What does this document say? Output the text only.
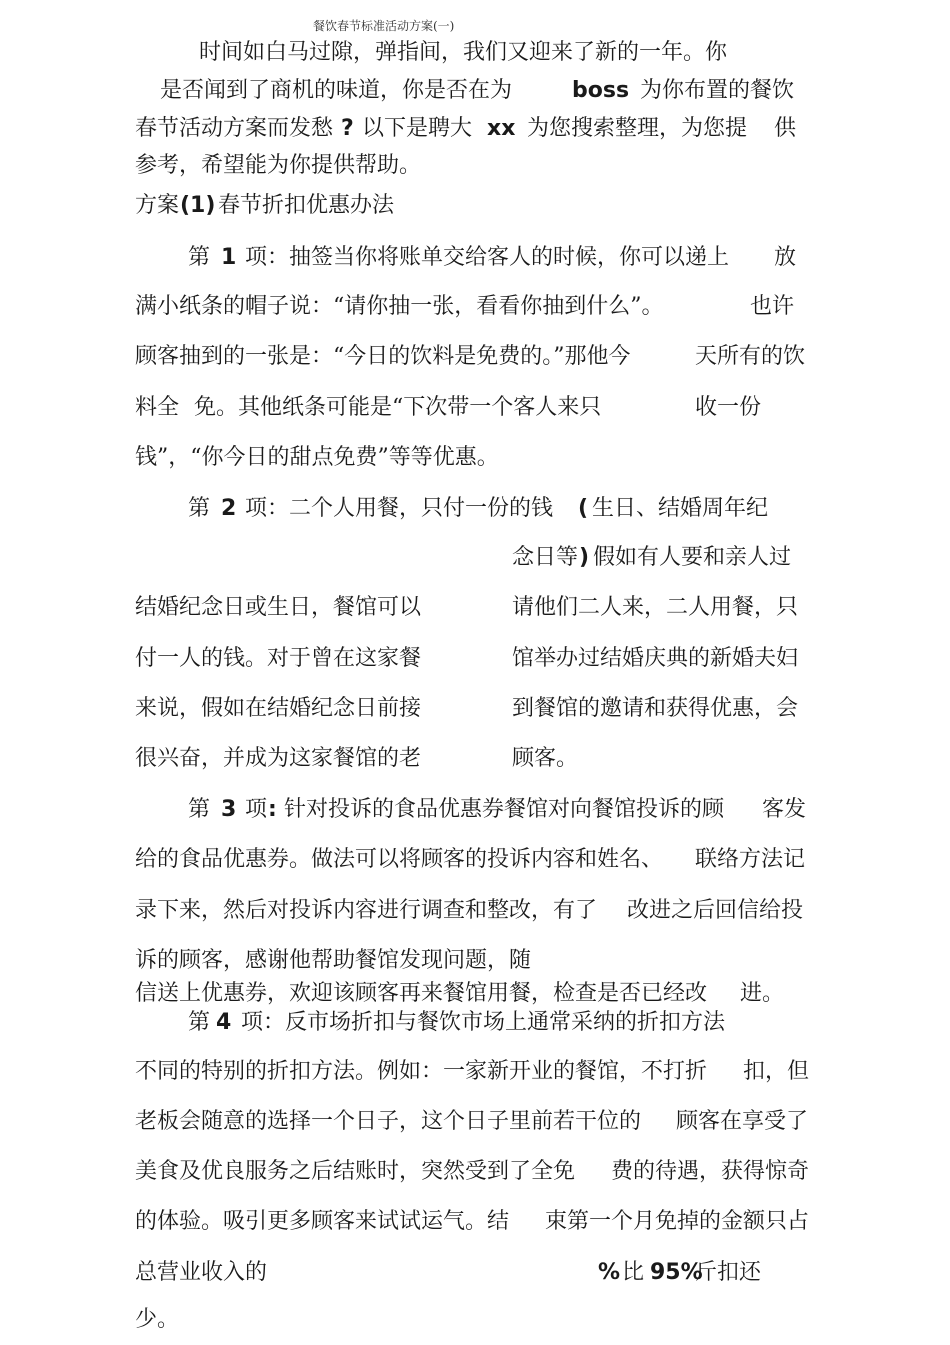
餐饮春节标准活动方案(一)
时间如白马过隙，弹指间，我们又迎来了新的一年。你
是否闻到了商机的味道，你是否在为	boss 为你布置的餐饮
春节活动方案而发愁 ? 以下是聘大 xx 为您搜索整理，为您提 供
参考，希望能为你提供帮助。
方案 (1) 春节折扣优惠办法
第 1 项：抽签当你将账单交给客人的时候，你可以递上 放
满小纸条的帽子说：“请你抽一张，看看你抽到什么”。	也许
顾客抽到的一张是：“今日的饮料是免费的。”那他今	天所有的饮
料全 免。其他纸条可能是“下次带一个客人来只	收一份
钱”，“你今日的甜点免费”等等优惠。
第 2 项：二个人用餐，只付一份的钱 ( 生日、结婚周年纪
念日等 ) 假如有人要和亲人过
结婚纪念日或生日，餐馆可以	请他们二人来，二人用餐，只
付一人的钱。对于曾在这家餐	馆举办过结婚庆典的新婚夫妇
来说，假如在结婚纪念日前接	到餐馆的邀请和获得优惠，会
很兴奋，并成为这家餐馆的老	顾客。
第 3 项 : 针对投诉的食品优惠券餐馆对向餐馆投诉的顾 客发
给的食品优惠券。做法可以将顾客的投诉内容和姓名、 联络方法记
录下来，然后对投诉内容进行调查和整改，有了 改进之后回信给投
诉的顾客，感谢他帮助餐馆发现问题，随
信送上优惠券，欢迎该顾客再来餐馆用餐，检查是否已经改 进。
第 4 项：反市场折扣与餐饮市场上通常采纳的折扣方法
不同的特别的折扣方法。例如：一家新开业的餐馆，不打折 扣，但
老板会随意的选择一个日子，这个日子里前若干位的 顾客在享受了
美食及优良服务之后结账时，突然受到了全免 费的待遇，获得惊奇
的体验。吸引更多顾客来试试运气。结 束第一个月免掉的金额只占
总营业收入的	% 比 95%
斤扣还
少。
